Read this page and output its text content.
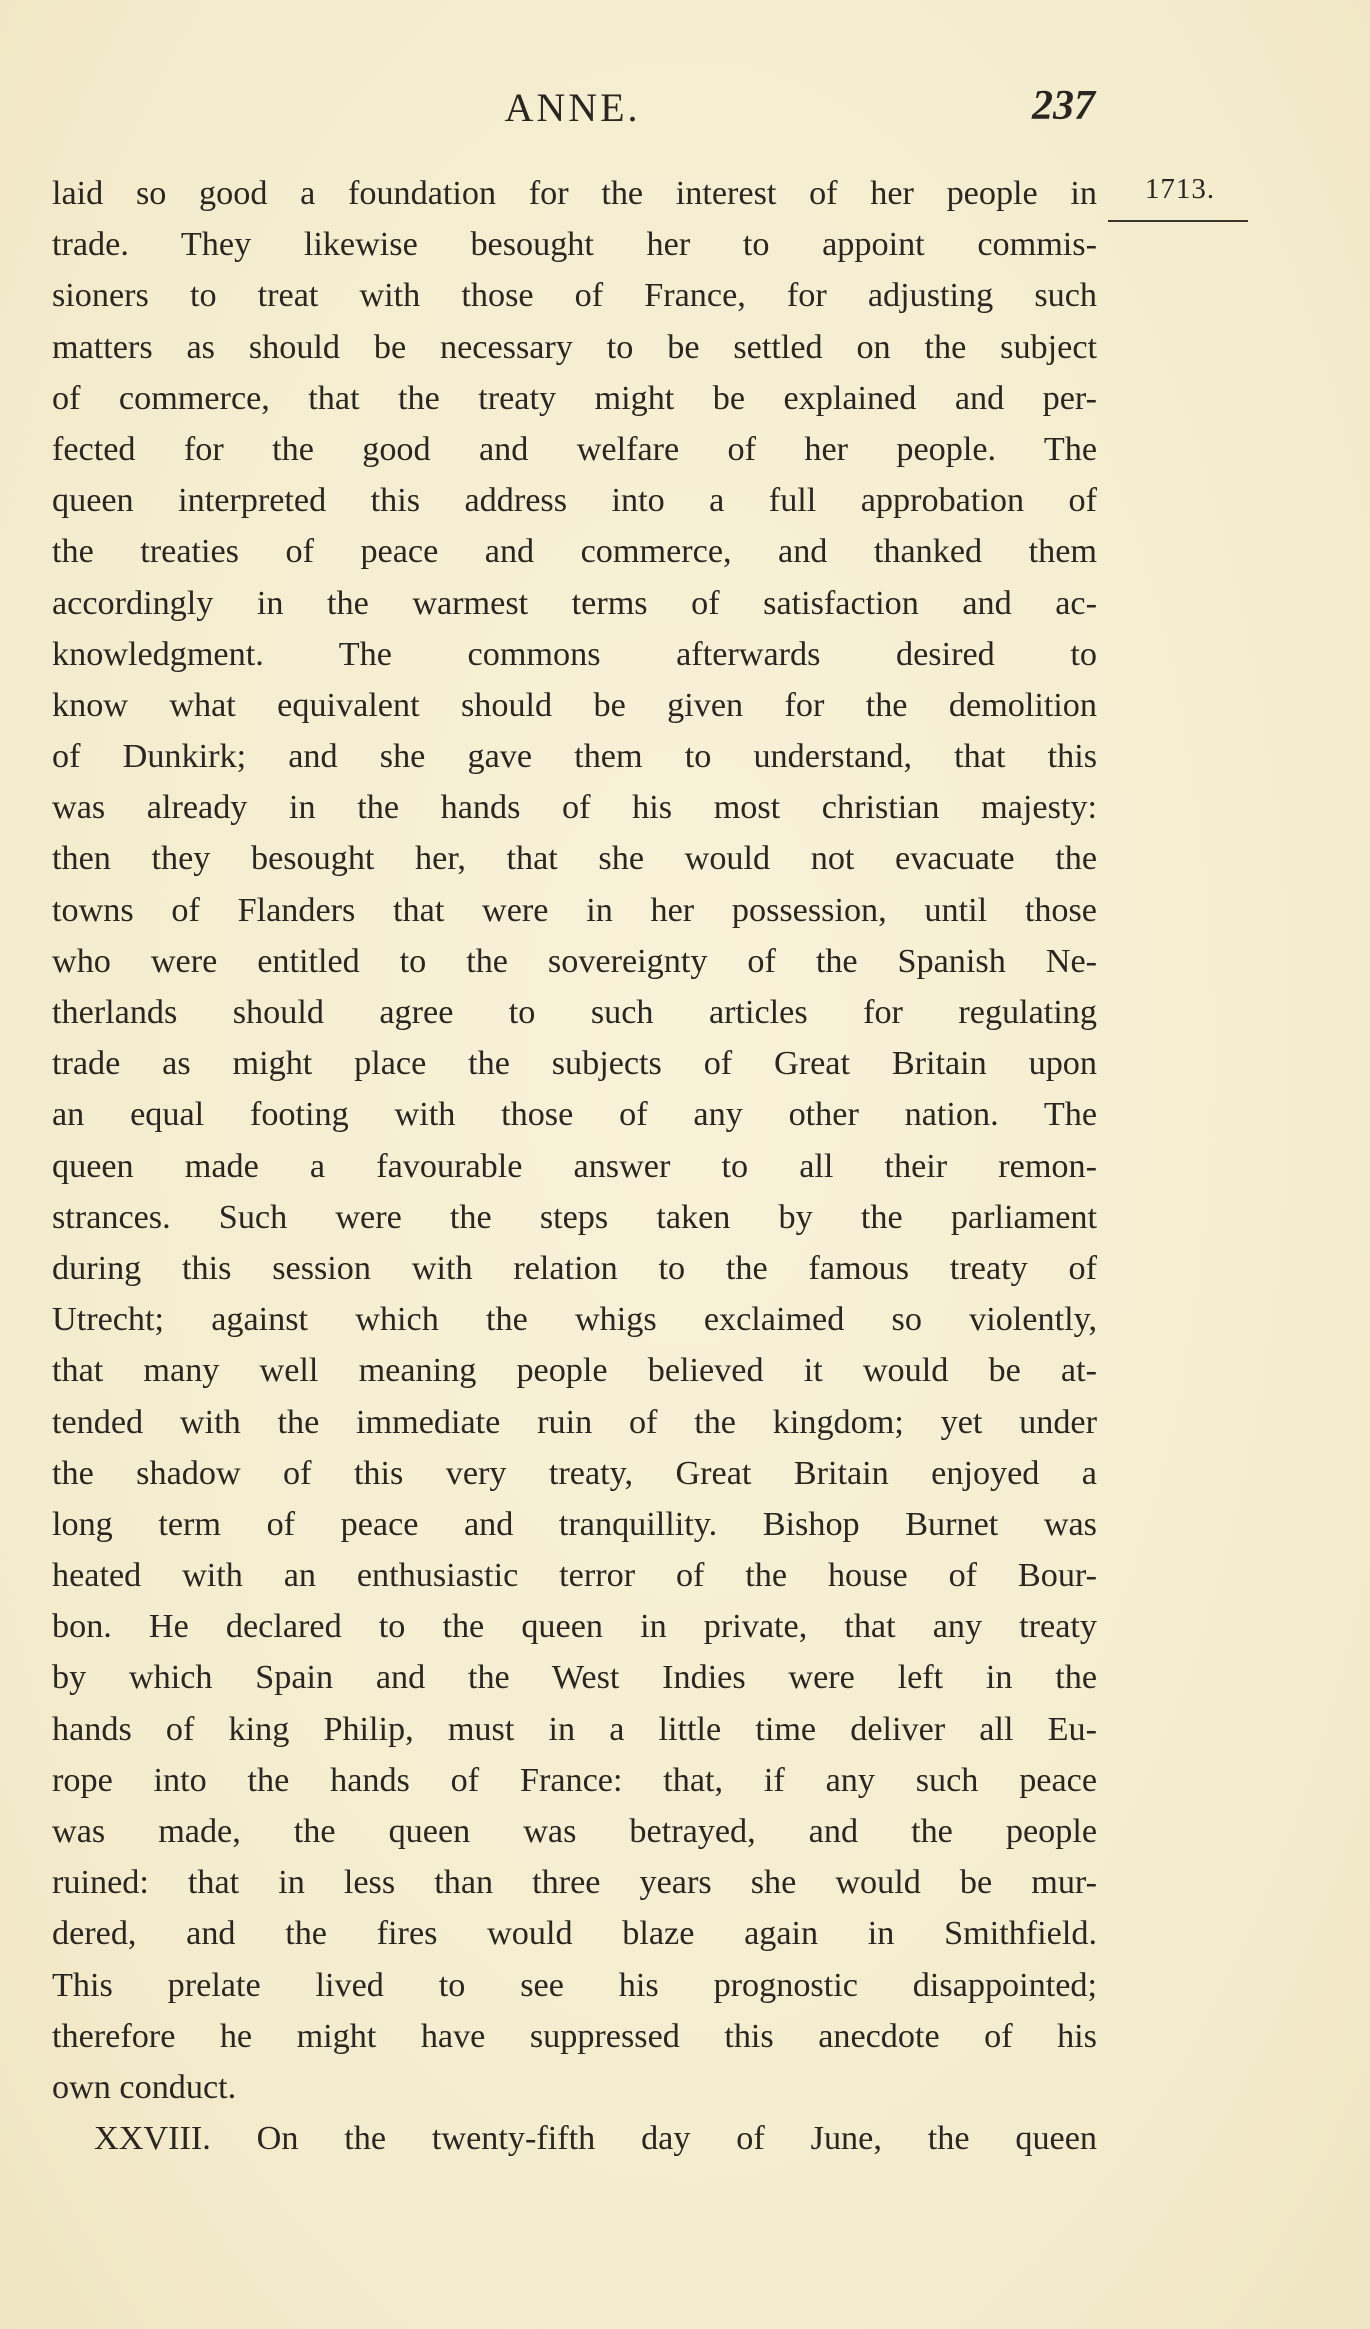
ANNE.	237
1713.
laid so good a foundation for the interest of her people in
trade. They likewise besought her to appoint commis-
sioners to treat with those of France, for adjusting such
matters as should be necessary to be settled on the subject
of commerce, that the treaty might be explained and per-
fected for the good and welfare of her people. The
queen interpreted this address into a full approbation of
the treaties of peace and commerce, and thanked them
accordingly in the warmest terms of satisfaction and ac-
knowledgment. The commons afterwards desired to
know what equivalent should be given for the demolition
of Dunkirk; and she gave them to understand, that this
was already in the hands of his most christian majesty:
then they besought her, that she would not evacuate the
towns of Flanders that were in her possession, until those
who were entitled to the sovereignty of the Spanish Ne-
therlands should agree to such articles for regulating
trade as might place the subjects of Great Britain upon
an equal footing with those of any other nation. The
queen made a favourable answer to all their remon-
strances. Such were the steps taken by the parliament
during this session with relation to the famous treaty of
Utrecht; against which the whigs exclaimed so violently,
that many well meaning people believed it would be at-
tended with the immediate ruin of the kingdom; yet under
the shadow of this very treaty, Great Britain enjoyed a
long term of peace and tranquillity. Bishop Burnet was
heated with an enthusiastic terror of the house of Bour-
bon. He declared to the queen in private, that any treaty
by which Spain and the West Indies were left in the
hands of king Philip, must in a little time deliver all Eu-
rope into the hands of France: that, if any such peace
was made, the queen was betrayed, and the people
ruined: that in less than three years she would be mur-
dered, and the fires would blaze again in Smithfield.
This prelate lived to see his prognostic disappointed;
therefore he might have suppressed this anecdote of his
own conduct.
XXVIII. On the twenty-fifth day of June, the queen
